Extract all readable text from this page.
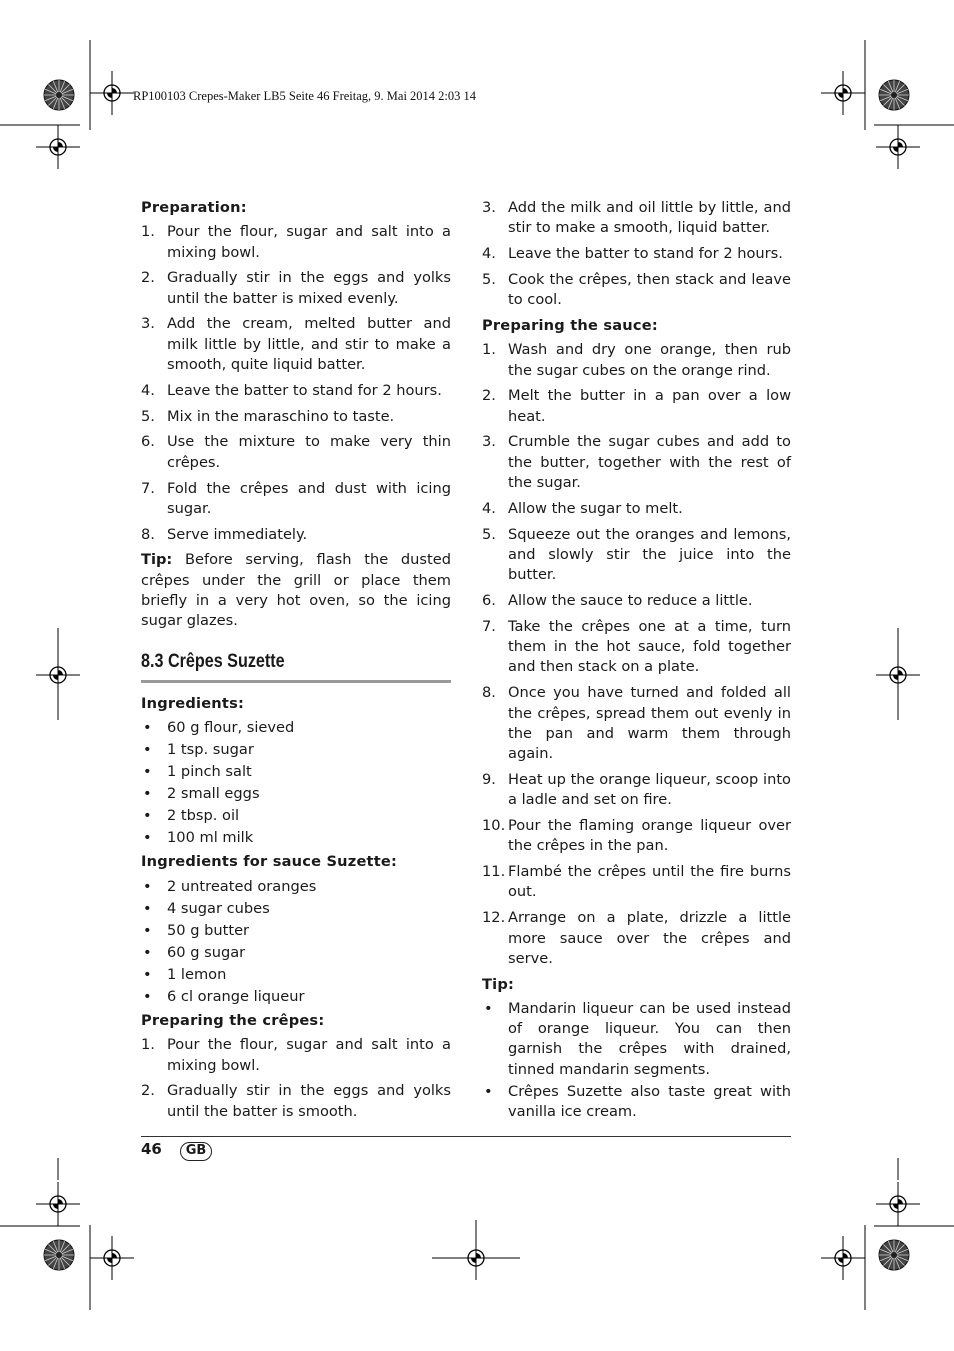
RP100103 Crepes-Maker LB5 Seite 46 Freitag, 9. Mai 2014 2:03 14
Preparation:
1. Pour the flour, sugar and salt into a mixing bowl.
2. Gradually stir in the eggs and yolks until the batter is mixed evenly.
3. Add the cream, melted butter and milk little by little, and stir to make a smooth, quite liquid batter.
4. Leave the batter to stand for 2 hours.
5. Mix in the maraschino to taste.
6. Use the mixture to make very thin crêpes.
7. Fold the crêpes and dust with icing sugar.
8. Serve immediately.

Tip: Before serving, flash the dusted crêpes under the grill or place them briefly in a very hot oven, so the icing sugar glazes.

8.3 Crêpes Suzette
Ingredients:
• 60 g flour, sieved
• 1 tsp. sugar
• 1 pinch salt
• 2 small eggs
• 2 tbsp. oil
• 100 ml milk
Ingredients for sauce Suzette:
• 2 untreated oranges
• 4 sugar cubes
• 50 g butter
• 60 g sugar
• 1 lemon
• 6 cl orange liqueur
Preparing the crêpes:
1. Pour the flour, sugar and salt into a mixing bowl.
2. Gradually stir in the eggs and yolks until the batter is smooth.
3. Add the milk and oil little by little, and stir to make a smooth, liquid batter.
4. Leave the batter to stand for 2 hours.
5. Cook the crêpes, then stack and leave to cool.
Preparing the sauce:
1. Wash and dry one orange, then rub the sugar cubes on the orange rind.
2. Melt the butter in a pan over a low heat.
3. Crumble the sugar cubes and add to the butter, together with the rest of the sugar.
4. Allow the sugar to melt.
5. Squeeze out the oranges and lemons, and slowly stir the juice into the butter.
6. Allow the sauce to reduce a little.
7. Take the crêpes one at a time, turn them in the hot sauce, fold together and then stack on a plate.
8. Once you have turned and folded all the crêpes, spread them out evenly in the pan and warm them through again.
9. Heat up the orange liqueur, scoop into a ladle and set on fire.
10. Pour the flaming orange liqueur over the crêpes in the pan.
11. Flambé the crêpes until the fire burns out.
12. Arrange on a plate, drizzle a little more sauce over the crêpes and serve.
Tip:
• Mandarin liqueur can be used instead of orange liqueur. You can then garnish the crêpes with drained, tinned mandarin segments.
• Crêpes Suzette also taste great with vanilla ice cream.
46	GB
